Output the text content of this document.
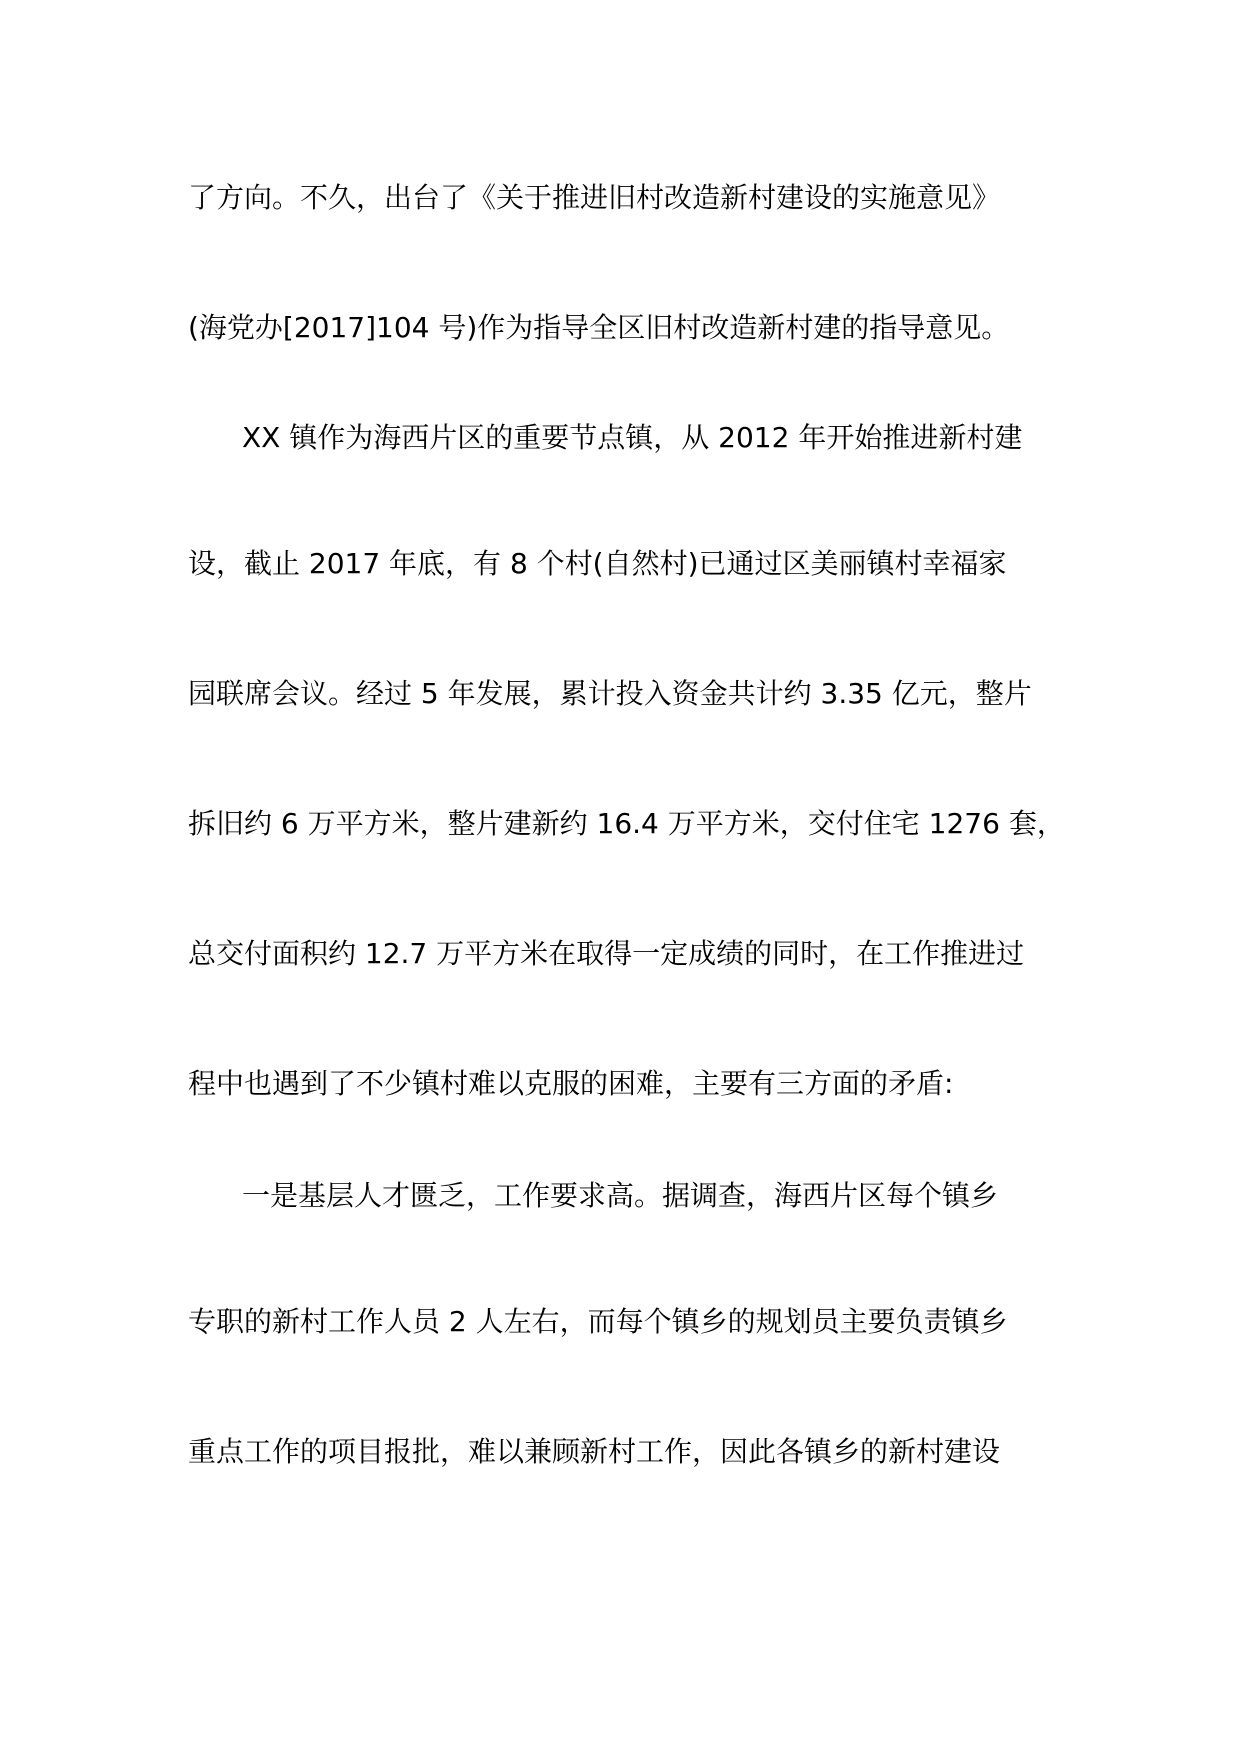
了方向。不久，出台了《关于推进旧村改造新村建设的实施意见》

(海党办[2017]104 号)作为指导全区旧村改造新村建的指导意见。

XX 镇作为海西片区的重要节点镇，从 2012 年开始推进新村建

设，截止 2017 年底，有 8 个村(自然村)已通过区美丽镇村幸福家

园联席会议。经过 5 年发展，累计投入资金共计约 3.35 亿元，整片

拆旧约 6 万平方米，整片建新约 16.4 万平方米，交付住宅 1276 套，

总交付面积约 12.7 万平方米在取得一定成绩的同时，在工作推进过

程中也遇到了不少镇村难以克服的困难，主要有三方面的矛盾:

一是基层人才匮乏，工作要求高。据调查，海西片区每个镇乡

专职的新村工作人员 2 人左右，而每个镇乡的规划员主要负责镇乡

重点工作的项目报批，难以兼顾新村工作，因此各镇乡的新村建设
